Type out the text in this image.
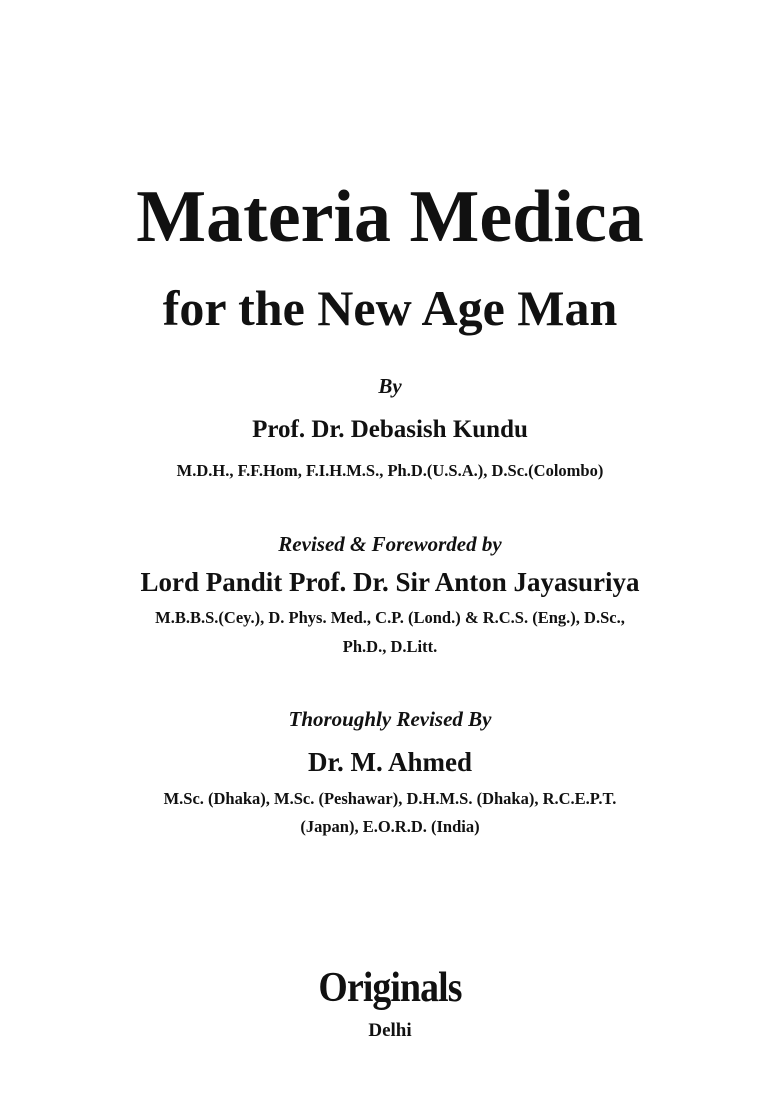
Materia Medica
for the New Age Man
By
Prof. Dr. Debasish Kundu
M.D.H., F.F.Hom, F.I.H.M.S., Ph.D.(U.S.A.), D.Sc.(Colombo)
Revised & Foreworded by
Lord Pandit Prof. Dr. Sir Anton Jayasuriya
M.B.B.S.(Cey.), D. Phys. Med., C.P. (Lond.) & R.C.S. (Eng.), D.Sc.,
Ph.D., D.Litt.
Thoroughly Revised By
Dr. M. Ahmed
M.Sc. (Dhaka), M.Sc. (Peshawar), D.H.M.S. (Dhaka), R.C.E.P.T.
(Japan), E.O.R.D. (India)
Originals
Delhi
